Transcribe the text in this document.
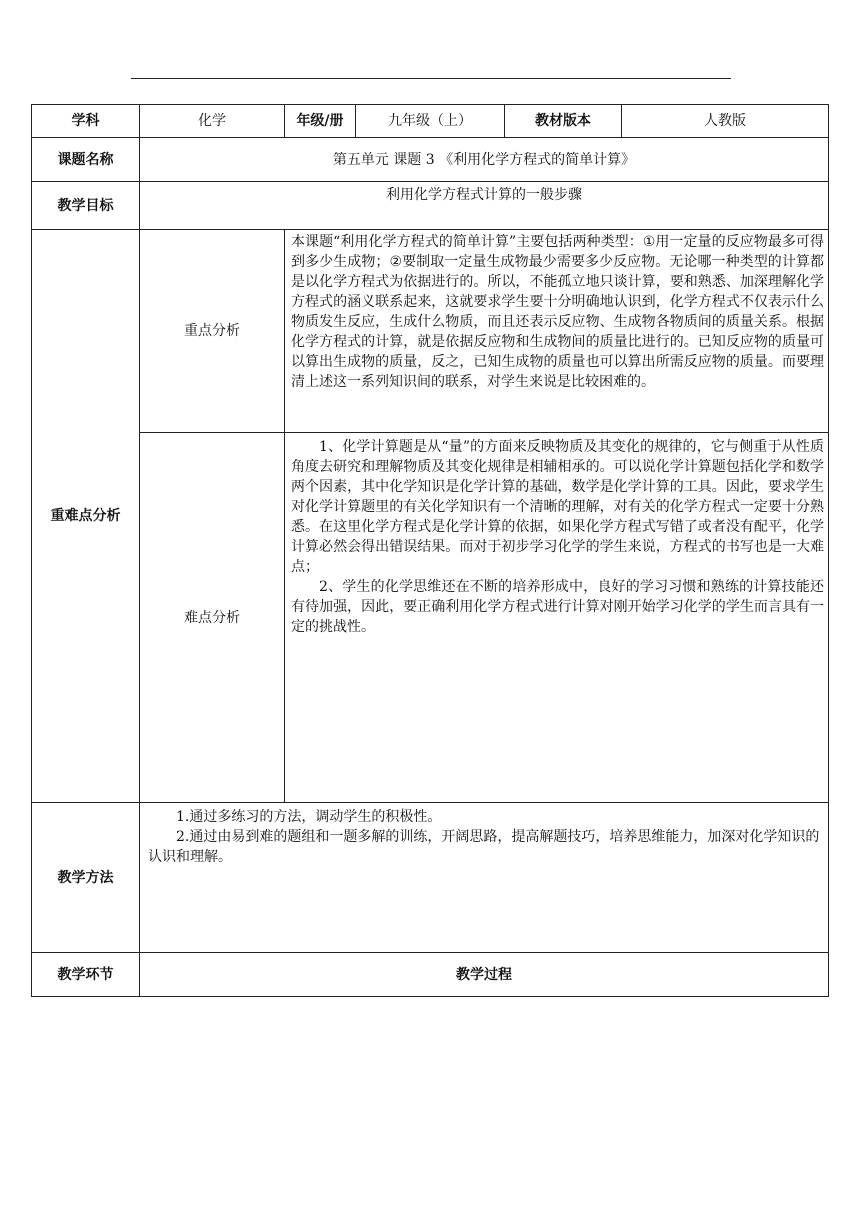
学科	化学	年级/册	九年级（上）	教材版本	人教版
课题名称	第五单元 课题 3 《利用化学方程式的简单计算》				
教学目标	利用化学方程式计算的一般步骤				
重难点分析	重点分析	本课题“利用化学方程式的简单计算”主要包括两种类型：①用一定量的反应物最多可得到多少生成物；②要制取一定量生成物最少需要多少反应物。无论哪一种类型的计算都是以化学方程式为依据进行的。所以，不能孤立地只谈计算，要和熟悉、加深理解化学方程式的涵义联系起来，这就要求学生要十分明确地认识到，化学方程式不仅表示什么物质发生反应，生成什么物质，而且还表示反应物、生成物各物质间的质量关系。根据化学方程式的计算，就是依据反应物和生成物间的质量比进行的。已知反应物的质量可以算出生成物的质量，反之，已知生成物的质量也可以算出所需反应物的质量。而要理清上述这一系列知识间的联系，对学生来说是比较困难的。			
	难点分析	1、化学计算题是从“量”的方面来反映物质及其变化的规律的，它与侧重于从性质角度去研究和理解物质及其变化规律是相辅相承的。可以说化学计算题包括化学和数学两个因素，其中化学知识是化学计算的基础，数学是化学计算的工具。因此，要求学生对化学计算题里的有关化学知识有一个清晰的理解，对有关的化学方程式一定要十分熟悉。在这里化学方程式是化学计算的依据，如果化学方程式写错了或者没有配平，化学计算必然会得出错误结果。而对于初步学习化学的学生来说，方程式的书写也是一大难点；

2、学生的化学思维还在不断的培养形成中，良好的学习习惯和熟练的计算技能还有待加强，因此，要正确利用化学方程式进行计算对刚开始学习化学的学生而言具有一定的挑战性。			

教学方法	1.通过多练习的方法，调动学生的积极性。

2.通过由易到难的题组和一题多解的训练，开阔思路，提高解题技巧，培养思维能力，加深对化学知识的认识和理解。				

教学环节	教学过程				
